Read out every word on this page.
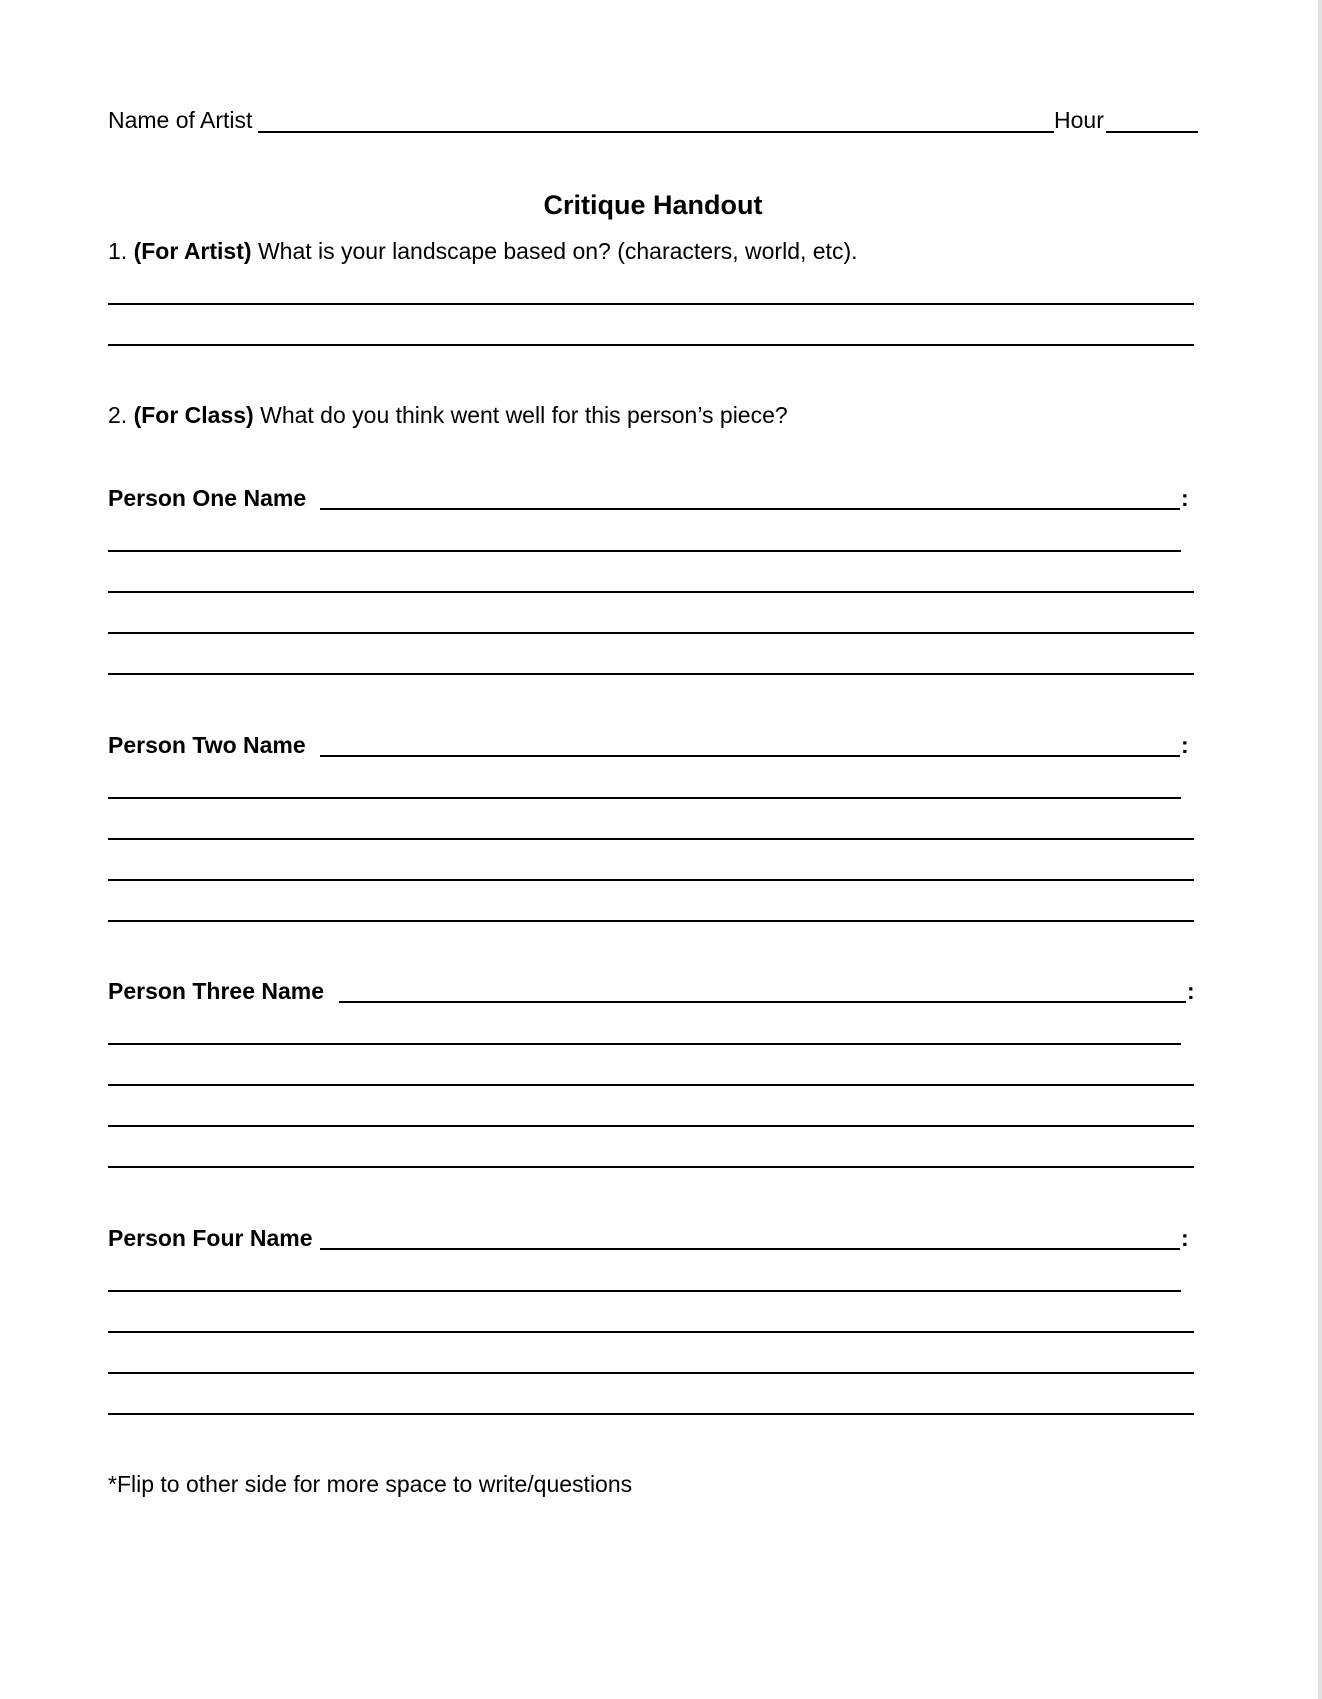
Name of Artist	Hour
Critique Handout
1. (For Artist) What is your landscape based on? (characters, world, etc).
2. (For Class) What do you think went well for this person’s piece?
Person One Name	:
Person Two Name	:
Person Three Name	:
Person Four Name	:
*Flip to other side for more space to write/questions
